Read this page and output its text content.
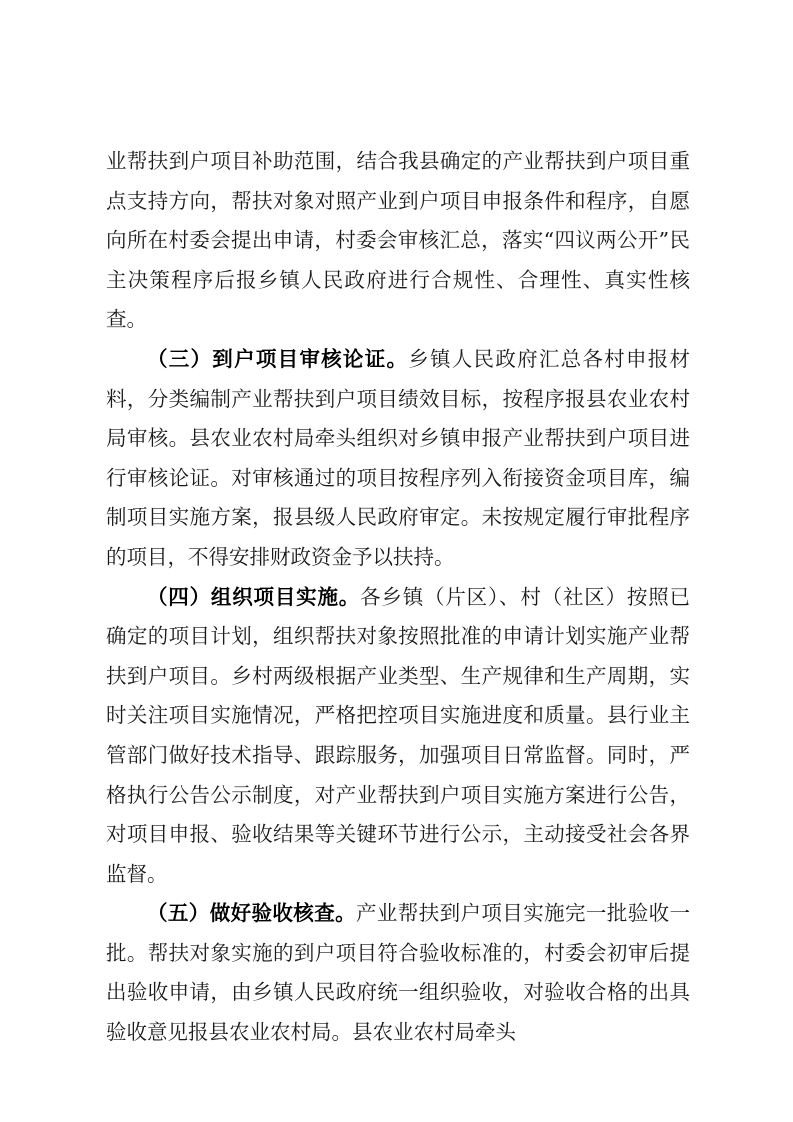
业帮扶到户项目补助范围，结合我县确定的产业帮扶到户项目重点支持方向，帮扶对象对照产业到户项目申报条件和程序，自愿向所在村委会提出申请，村委会审核汇总，落实“四议两公开”民主决策程序后报乡镇人民政府进行合规性、合理性、真实性核查。

（三）到户项目审核论证。乡镇人民政府汇总各村申报材料，分类编制产业帮扶到户项目绩效目标，按程序报县农业农村局审核。县农业农村局牵头组织对乡镇申报产业帮扶到户项目进行审核论证。对审核通过的项目按程序列入衔接资金项目库，编制项目实施方案，报县级人民政府审定。未按规定履行审批程序的项目，不得安排财政资金予以扶持。

（四）组织项目实施。各乡镇（片区）、村（社区）按照已确定的项目计划，组织帮扶对象按照批准的申请计划实施产业帮扶到户项目。乡村两级根据产业类型、生产规律和生产周期，实时关注项目实施情况，严格把控项目实施进度和质量。县行业主管部门做好技术指导、跟踪服务，加强项目日常监督。同时，严格执行公告公示制度，对产业帮扶到户项目实施方案进行公告，对项目申报、验收结果等关键环节进行公示，主动接受社会各界监督。

（五）做好验收核查。产业帮扶到户项目实施完一批验收一批。帮扶对象实施的到户项目符合验收标准的，村委会初审后提出验收申请，由乡镇人民政府统一组织验收，对验收合格的出具验收意见报县农业农村局。县农业农村局牵头
